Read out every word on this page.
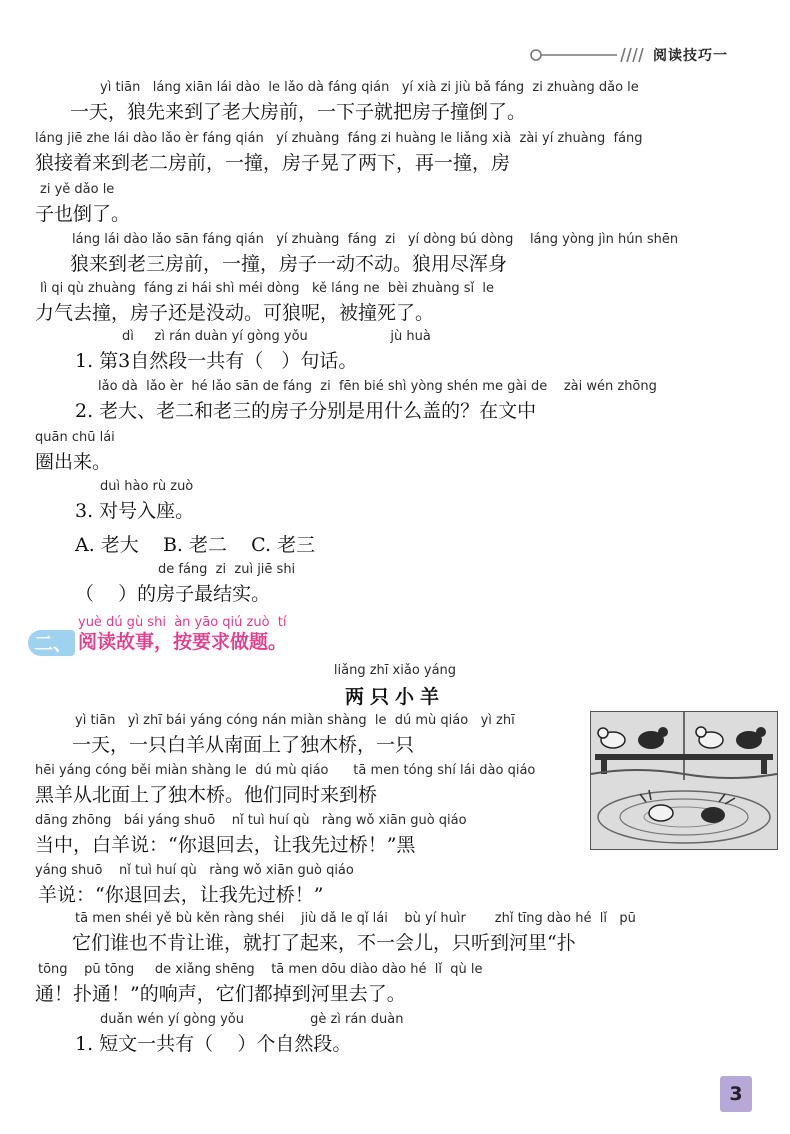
阅读技巧一
yì tiān   láng xiān lái dào  le lǎo dà fáng qián   yí xià zi jiù bǎ fáng  zi zhuàng dǎo le
一天，狼先来到了老大房前，一下子就把房子撞倒了。
láng jiē zhe lái dào lǎo èr fáng qián   yí zhuàng  fáng zi huàng le liǎng xià  zài yí zhuàng  fáng
狼接着来到老二房前，一撞，房子晃了两下，再一撞，房
zi yě dǎo le
子也倒了。
láng lái dào lǎo sān fáng qián   yí zhuàng  fáng  zi   yí dòng bú dòng    láng yòng jìn hún shēn
狼来到老三房前，一撞，房子一动不动。狼用尽浑身
lì qi qù zhuàng  fáng zi hái shì méi dòng   kě láng ne  bèi zhuàng sǐ  le
力气去撞，房子还是没动。可狼呢，被撞死了。
dì     zì rán duàn yí gòng yǒu                    jù huà
1. 第3自然段一共有（   ）句话。
lǎo dà  lǎo èr  hé lǎo sān de fáng  zi  fēn bié shì yòng shén me gài de    zài wén zhōng
2. 老大、老二和老三的房子分别是用什么盖的？在文中
quān chū lái
圈出来。
duì hào rù zuò
3. 对号入座。
A. 老大    B. 老二    C. 老三
de fáng  zi  zuì jiē shi
（    ）的房子最结实。
yuè dú gù shi  àn yāo qiú zuò  tí
二、 阅读故事，按要求做题。
liǎng zhī xiǎo yáng
两只小羊
yì tiān   yì zhī bái yáng cóng nán miàn shàng  le  dú mù qiáo   yì zhī
一天，一只白羊从南面上了独木桥，一只
hēi yáng cóng běi miàn shàng le  dú mù qiáo      tā men tóng shí lái dào qiáo
黑羊从北面上了独木桥。他们同时来到桥
dāng zhōng   bái yáng shuō    nǐ tuì huí qù   ràng wǒ xiān guò qiáo
当中，白羊说：“你退回去，让我先过桥！”黑
yáng shuō    nǐ tuì huí qù   ràng wǒ xiān guò qiáo
羊说：“你退回去，让我先过桥！”
tā men shéi yě bù kěn ràng shéi    jiù dǎ le qǐ lái    bù yí huìr       zhǐ tīng dào hé  lǐ   pū
它们谁也不肯让谁，就打了起来，不一会儿，只听到河里“扑
tōng    pū tōng     de xiǎng shēng    tā men dōu diào dào hé  lǐ  qù le
通！扑通！”的响声，它们都掉到河里去了。
duǎn wén yí gòng yǒu                gè zì rán duàn
1. 短文一共有（    ）个自然段。
3
